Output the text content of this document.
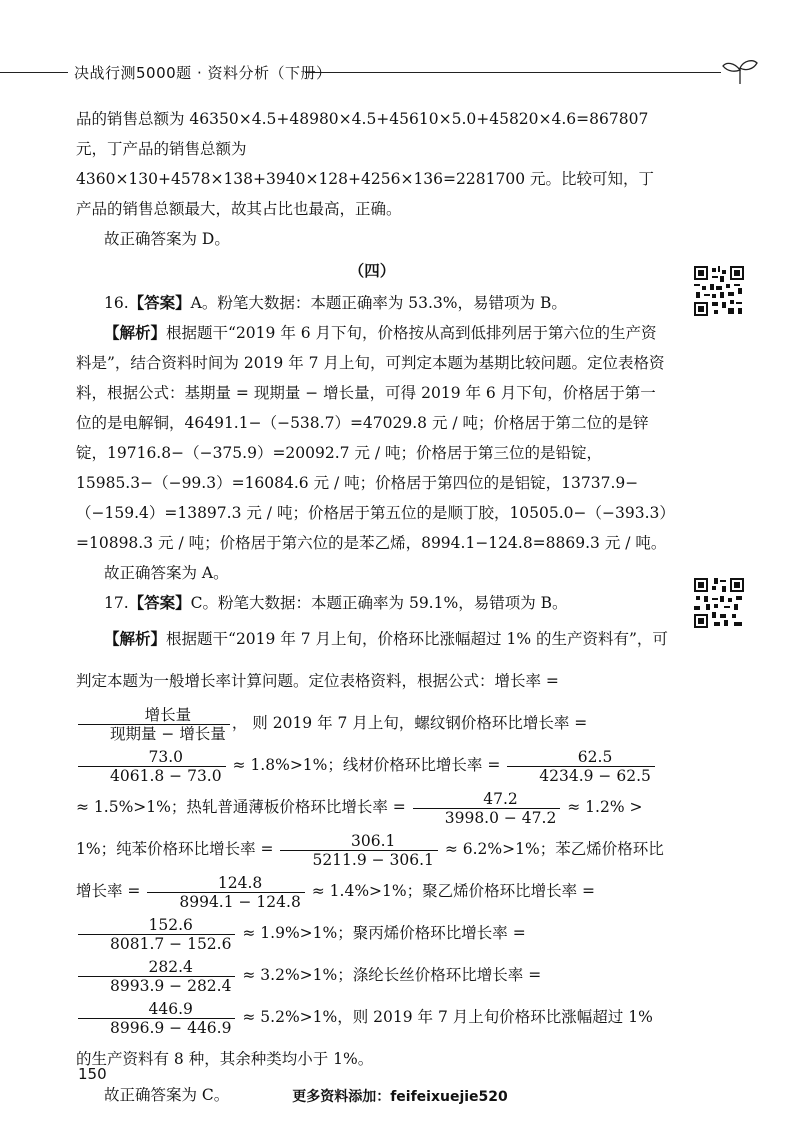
决战行测5000题 · 资料分析（下册）

品的销售总额为 46350×4.5+48980×4.5+45610×5.0+45820×4.6=867807 元，丁产品的销售总额为 4360×130+4578×138+3940×128+4256×136=2281700 元。比较可知，丁产品的销售总额最大，故其占比也最高，正确。

故正确答案为 D。

（四）

16.【答案】A。粉笔大数据：本题正确率为 53.3%，易错项为 B。

【解析】根据题干“2019 年 6 月下旬，价格按从高到低排列居于第六位的生产资料是”，结合资料时间为 2019 年 7 月上旬，可判定本题为基期比较问题。定位表格资料，根据公式：基期量 = 现期量 − 增长量，可得 2019 年 6 月下旬，价格居于第一位的是电解铜，46491.1−（−538.7）=47029.8 元 / 吨；价格居于第二位的是锌锭，19716.8−（−375.9）=20092.7 元 / 吨；价格居于第三位的是铅锭，15985.3−（−99.3）=16084.6 元 / 吨；价格居于第四位的是铝锭，13737.9−（−159.4）=13897.3 元 / 吨；价格居于第五位的是顺丁胶，10505.0−（−393.3）=10898.3 元 / 吨；价格居于第六位的是苯乙烯，8994.1−124.8=8869.3 元 / 吨。

故正确答案为 A。

17.【答案】C。粉笔大数据：本题正确率为 59.1%，易错项为 B。

【解析】根据题干“2019 年 7 月上旬，价格环比涨幅超过 1% 的生产资料有”，可判定本题为一般增长率计算问题。定位表格资料，根据公式：增长率 =
$\frac{\text{增长量}}{\text{现期量 − 增长量}}$ ， 则 2019 年 7 月上旬，螺纹钢价格环比增长率 =
$\frac{73.0}{4061.8 - 73.0} \approx 1.8\%>1\%$；线材价格环比增长率 = $\frac{62.5}{4234.9 - 62.5}$
≈ 1.5%>1%；热轧普通薄板价格环比增长率 = $\frac{47.2}{3998.0 - 47.2} \approx 1.2\% > 1\%$；纯苯价格环比增长率 = $\frac{306.1}{5211.9 - 306.1} \approx 6.2\%>1\%$；苯乙烯价格环比增长率 = $\frac{124.8}{8994.1 - 124.8} \approx 1.4\%>1\%$；聚乙烯价格环比增长率 =
$\frac{152.6}{8081.7 - 152.6} \approx 1.9\%>1\%$；聚丙烯价格环比增长率 =
$\frac{282.4}{8993.9 - 282.4} \approx 3.2\%>1\%$；涤纶长丝价格环比增长率 =
$\frac{446.9}{8996.9 - 446.9} \approx 5.2\%>1\%$，则 2019 年 7 月上旬价格环比涨幅超过 1% 的生产资料有 8 种，其余种类均小于 1%。

故正确答案为 C。

150
更多资料添加：feifeixuejie520
